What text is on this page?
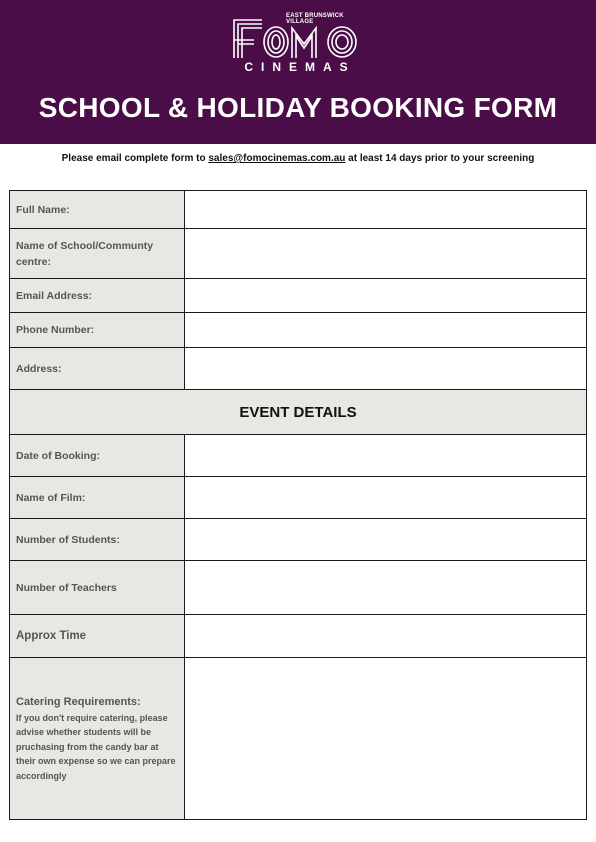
EAST BRUNSWICK VILLAGE
CINEMAS
SCHOOL & HOLIDAY BOOKING FORM
Please email complete form to sales@fomocinemas.com.au at least 14 days prior to your screening
Full Name:	
Name of School/Communty centre:	
Email Address:	
Phone Number:	
Address:	
EVENT DETAILS	
Date of Booking:	
Name of Film:	
Number of Students:	
Number of Teachers	
Approx Time	

Catering Requirements:
If you don't require catering, please advise whether students will be pruchasing from the candy bar at their own expense so we can prepare accordingly	
